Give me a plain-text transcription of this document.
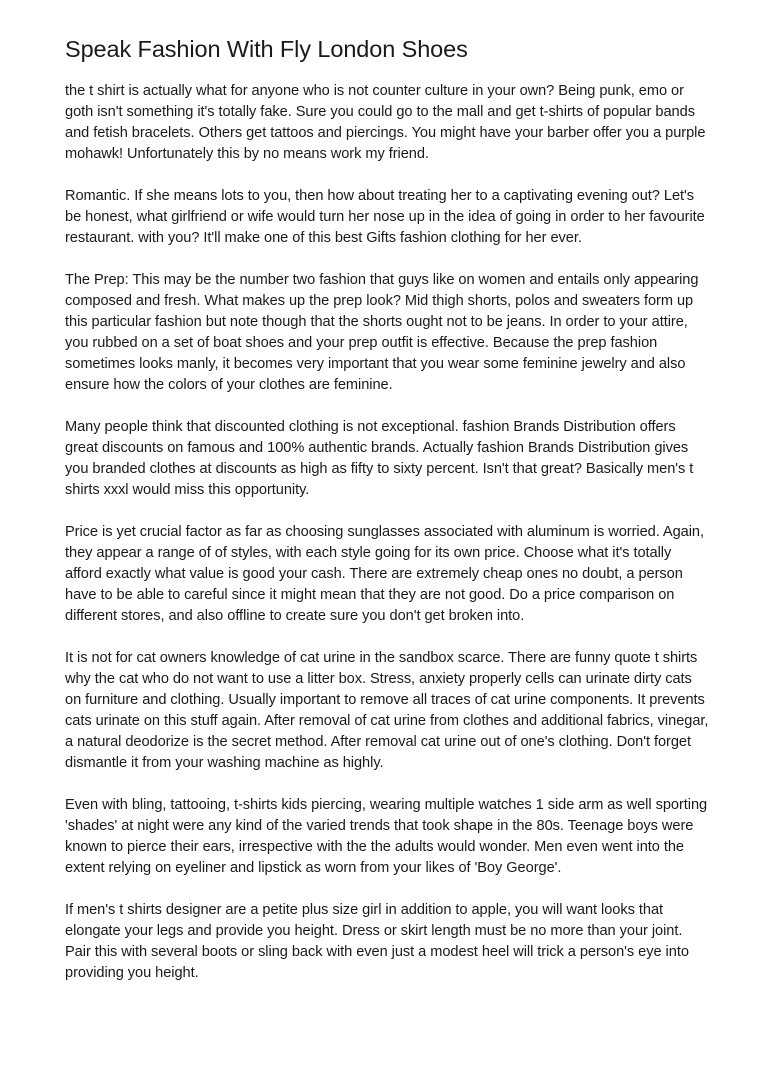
Speak Fashion With Fly London Shoes

the t shirt is actually what for anyone who is not counter culture in your own? Being punk, emo or goth isn't something it's totally fake. Sure you could go to the mall and get t-shirts of popular bands and fetish bracelets. Others get tattoos and piercings. You might have your barber offer you a purple mohawk! Unfortunately this by no means work my friend.

Romantic. If she means lots to you, then how about treating her to a captivating evening out? Let's be honest, what girlfriend or wife would turn her nose up in the idea of going in order to her favourite restaurant. with you? It'll make one of this best Gifts fashion clothing for her ever.

The Prep: This may be the number two fashion that guys like on women and entails only appearing composed and fresh. What makes up the prep look? Mid thigh shorts, polos and sweaters form up this particular fashion but note though that the shorts ought not to be jeans. In order to your attire, you rubbed on a set of boat shoes and your prep outfit is effective. Because the prep fashion sometimes looks manly, it becomes very important that you wear some feminine jewelry and also ensure how the colors of your clothes are feminine.

Many people think that discounted clothing is not exceptional. fashion Brands Distribution offers great discounts on famous and 100% authentic brands. Actually fashion Brands Distribution gives you branded clothes at discounts as high as fifty to sixty percent. Isn't that great? Basically men's t shirts xxxl would miss this opportunity.

Price is yet crucial factor as far as choosing sunglasses associated with aluminum is worried. Again, they appear a range of of styles, with each style going for its own price. Choose what it's totally afford exactly what value is good your cash. There are extremely cheap ones no doubt, a person have to be able to careful since it might mean that they are not good. Do a price comparison on different stores, and also offline to create sure you don't get broken into.

It is not for cat owners knowledge of cat urine in the sandbox scarce. There are funny quote t shirts why the cat who do not want to use a litter box. Stress, anxiety properly cells can urinate dirty cats on furniture and clothing. Usually important to remove all traces of cat urine components. It prevents cats urinate on this stuff again. After removal of cat urine from clothes and additional fabrics, vinegar, a natural deodorize is the secret method. After removal cat urine out of one's clothing. Don't forget dismantle it from your washing machine as highly.

Even with bling, tattooing, t-shirts kids piercing, wearing multiple watches 1 side arm as well sporting 'shades' at night were any kind of the varied trends that took shape in the 80s. Teenage boys were known to pierce their ears, irrespective with the the adults would wonder. Men even went into the extent relying on eyeliner and lipstick as worn from your likes of 'Boy George'.

If men's t shirts designer are a petite plus size girl in addition to apple, you will want looks that elongate your legs and provide you height. Dress or skirt length must be no more than your joint. Pair this with several boots or sling back with even just a modest heel will trick a person's eye into providing you height.
